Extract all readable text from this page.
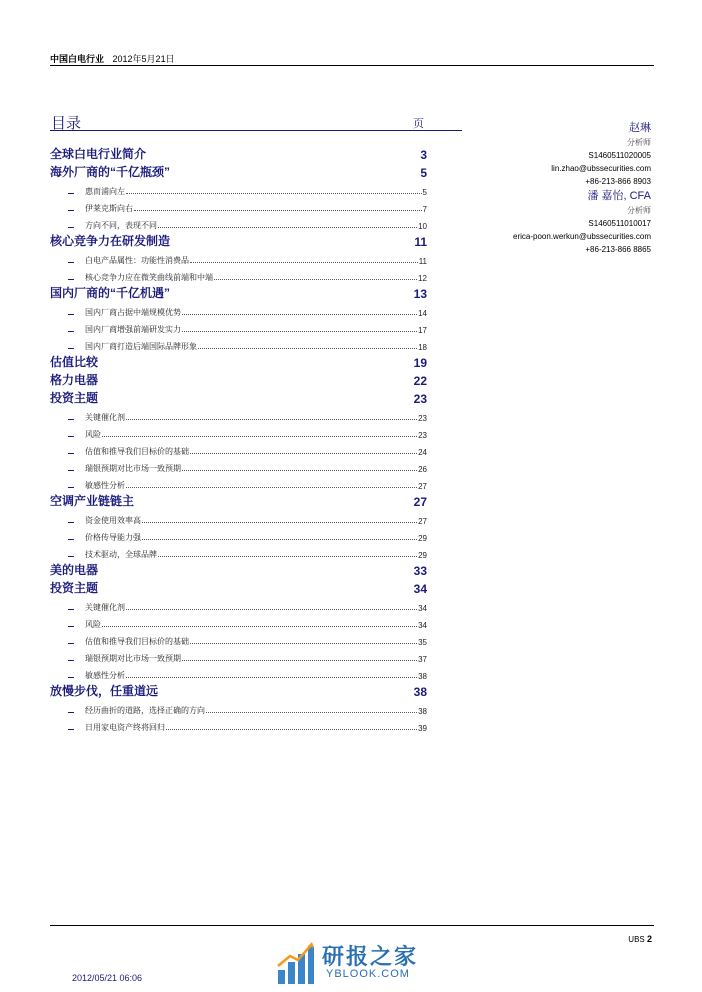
中国白电行业 2012年5月21日
目录	页
全球白电行业简介	3
海外厂商的“千亿瓶颈”	5
惠而浦向左	5
伊莱克斯向右	7
方向不同，表现不同	10
核心竞争力在研发制造	11
白电产品属性：功能性消费品	11
核心竞争力应在微笑曲线前端和中端	12
国内厂商的“千亿机遇”	13
国内厂商占据中端规模优势	14
国内厂商增强前端研发实力	17
国内厂商打造后端国际品牌形象	18
估值比较	19
格力电器	22
投资主题	23
关键催化剂	23
风险	23
估值和推导我们目标价的基础	24
瑞银预期对比市场一致预期	26
敏感性分析	27
空调产业链链主	27
资金使用效率高	27
价格传导能力强	29
技术驱动，全球品牌	29
美的电器	33
投资主题	34
关键催化剂	34
风险	34
估值和推导我们目标价的基础	35
瑞银预期对比市场一致预期	37
敏感性分析	38
放慢步伐，任重道远	38
经历曲折的道路，选择正确的方向	38
日用家电资产终将回归	39
赵琳
分析师
S1460511020005
lin.zhao@ubssecurities.com
+86-213-866 8903
潘 嘉怡, CFA
分析师
S1460511010017
erica-poon.werkun@ubssecurities.com
+86-213-866 8865
UBS 2
研报之家
YBLOOK.COM
2012/05/21 06:06
